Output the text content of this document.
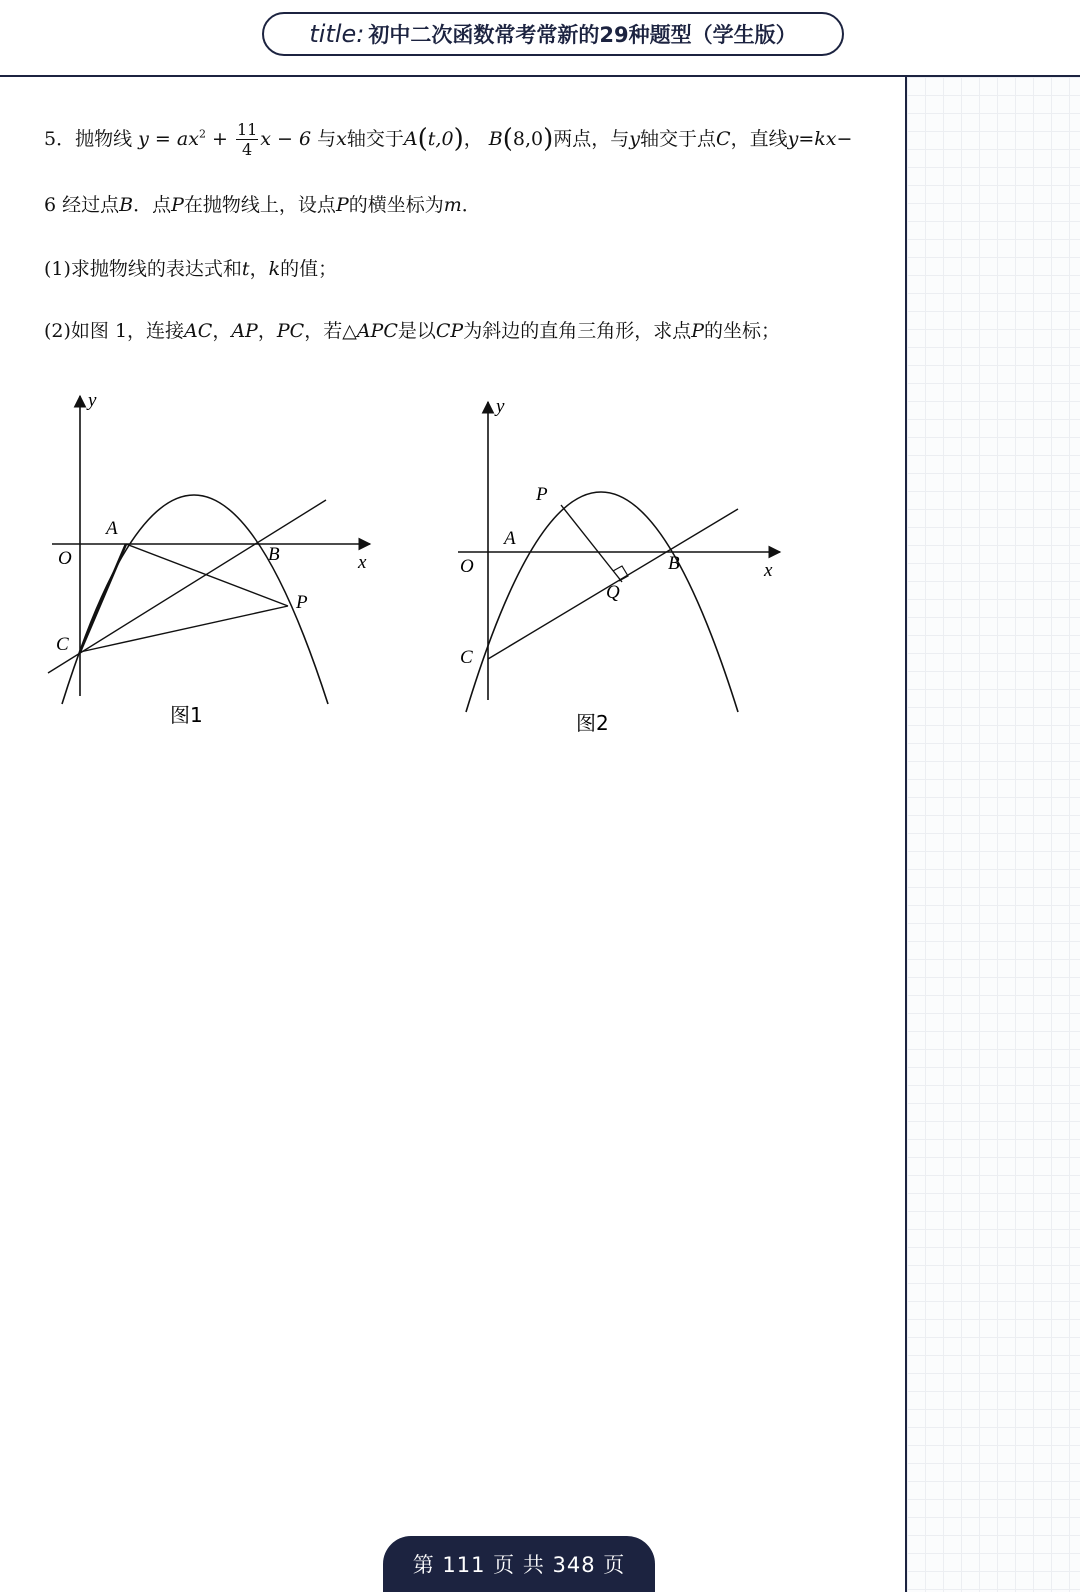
title: 初中二次函数常考常新的29种题型（学生版）
5．抛物线 $y = ax^2 + \frac{11}{4}$ x − 6 与x轴交于A(t,0)， B(8,0)两点，与y轴交于点C，直线y=kx−
6 经过点B．点P在抛物线上，设点P的横坐标为m．
(1)求抛物线的表达式和t，k的值；
(2)如图 1，连接AC，AP，PC，若△APC是以CP为斜边的直角三角形，求点P的坐标；
y
x
O
A
B
C
P
图1
y
x
O
A
B
C
P
Q
图2
第 111 页 共 348 页
